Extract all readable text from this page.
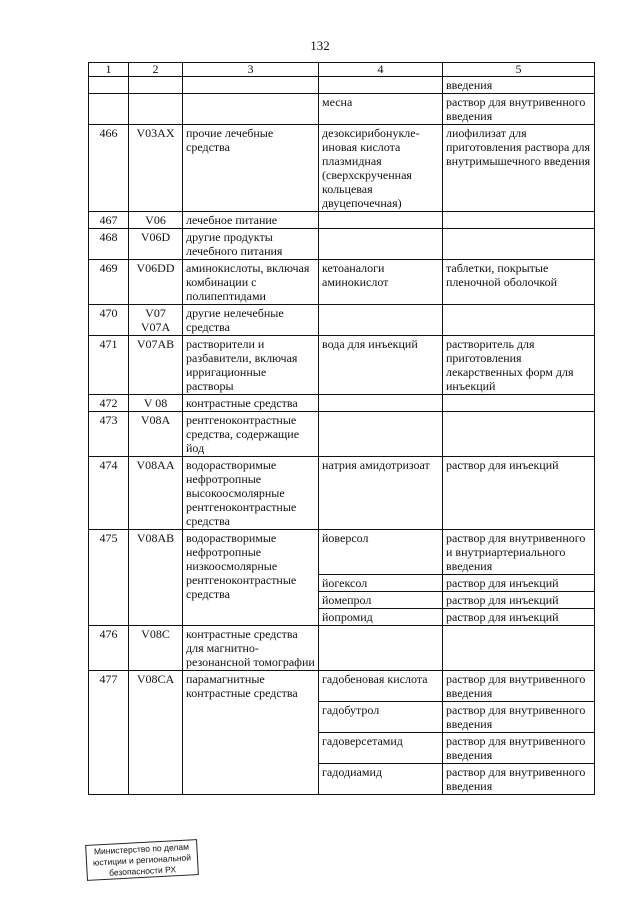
132
1	2	3	4	5
				введения
			месна	раствор для внутривенного введения
466	V03AX	прочие лечебные средства	дезоксирибонукле-иновая кислота плазмидная (сверхскрученная кольцевая двуцепочечная)	лиофилизат для приготовления раствора для внутримышечного введения
467	V06	лечебное питание		
468	V06D	другие продукты лечебного питания		
469	V06DD	аминокислоты, включая комбинации с полипептидами	кетоаналоги аминокислот	таблетки, покрытые пленочной оболочкой
470	V07 V07A	другие нелечебные средства		
471	V07AB	растворители и разбавители, включая ирригационные растворы	вода для инъекций	растворитель для приготовления лекарственных форм для инъекций
472	V 08	контрастные средства		
473	V08A	рентгеноконтрастные средства, содержащие йод		
474	V08AA	водорастворимые нефротропные высокоосмолярные рентгеноконтрастные средства	натрия амидотризоат	раствор для инъекций
475	V08AB	водорастворимые нефротропные низкоосмолярные рентгеноконтрастные средства	йоверсол	раствор для внутривенного и внутриартериального введения
			йогексол	раствор для инъекций
			йомепрол	раствор для инъекций
			йопромид	раствор для инъекций
476	V08C	контрастные средства для магнитно-резонансной томографии		
477	V08CA	парамагнитные контрастные средства	гадобеновая кислота	раствор для внутривенного введения
			гадобутрол	раствор для внутривенного введения
			гадоверсетамид	раствор для внутривенного введения
			гадодиамид	раствор для внутривенного введения
Министерство по делам
юстиции и региональной
безопасности РХ
